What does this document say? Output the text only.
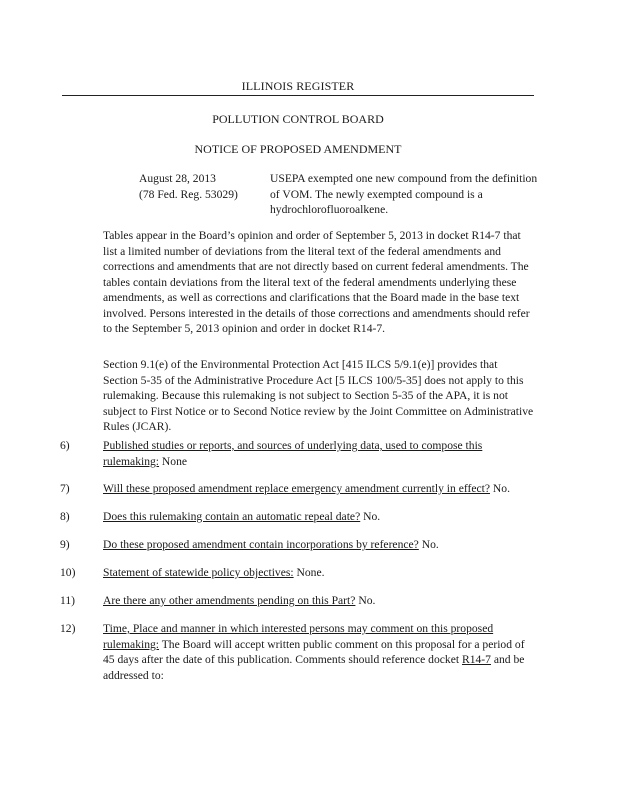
ILLINOIS REGISTER
POLLUTION CONTROL BOARD
NOTICE OF PROPOSED AMENDMENT
August 28, 2013
(78 Fed. Reg. 53029)
USEPA exempted one new compound from the definition of VOM. The newly exempted compound is a hydrochlorofluoroalkene.
Tables appear in the Board’s opinion and order of September 5, 2013 in docket R14-7 that list a limited number of deviations from the literal text of the federal amendments and corrections and amendments that are not directly based on current federal amendments. The tables contain deviations from the literal text of the federal amendments underlying these amendments, as well as corrections and clarifications that the Board made in the base text involved. Persons interested in the details of those corrections and amendments should refer to the September 5, 2013 opinion and order in docket R14-7.
Section 9.1(e) of the Environmental Protection Act [415 ILCS 5/9.1(e)] provides that Section 5-35 of the Administrative Procedure Act [5 ILCS 100/5-35] does not apply to this rulemaking. Because this rulemaking is not subject to Section 5-35 of the APA, it is not subject to First Notice or to Second Notice review by the Joint Committee on Administrative Rules (JCAR).
6)	Published studies or reports, and sources of underlying data, used to compose this rulemaking: None
7)	Will these proposed amendment replace emergency amendment currently in effect? No.
8)	Does this rulemaking contain an automatic repeal date? No.
9)	Do these proposed amendment contain incorporations by reference? No.
10)	Statement of statewide policy objectives: None.
11)	Are there any other amendments pending on this Part? No.
12)	Time, Place and manner in which interested persons may comment on this proposed rulemaking: The Board will accept written public comment on this proposal for a period of 45 days after the date of this publication. Comments should reference docket R14-7 and be addressed to:
